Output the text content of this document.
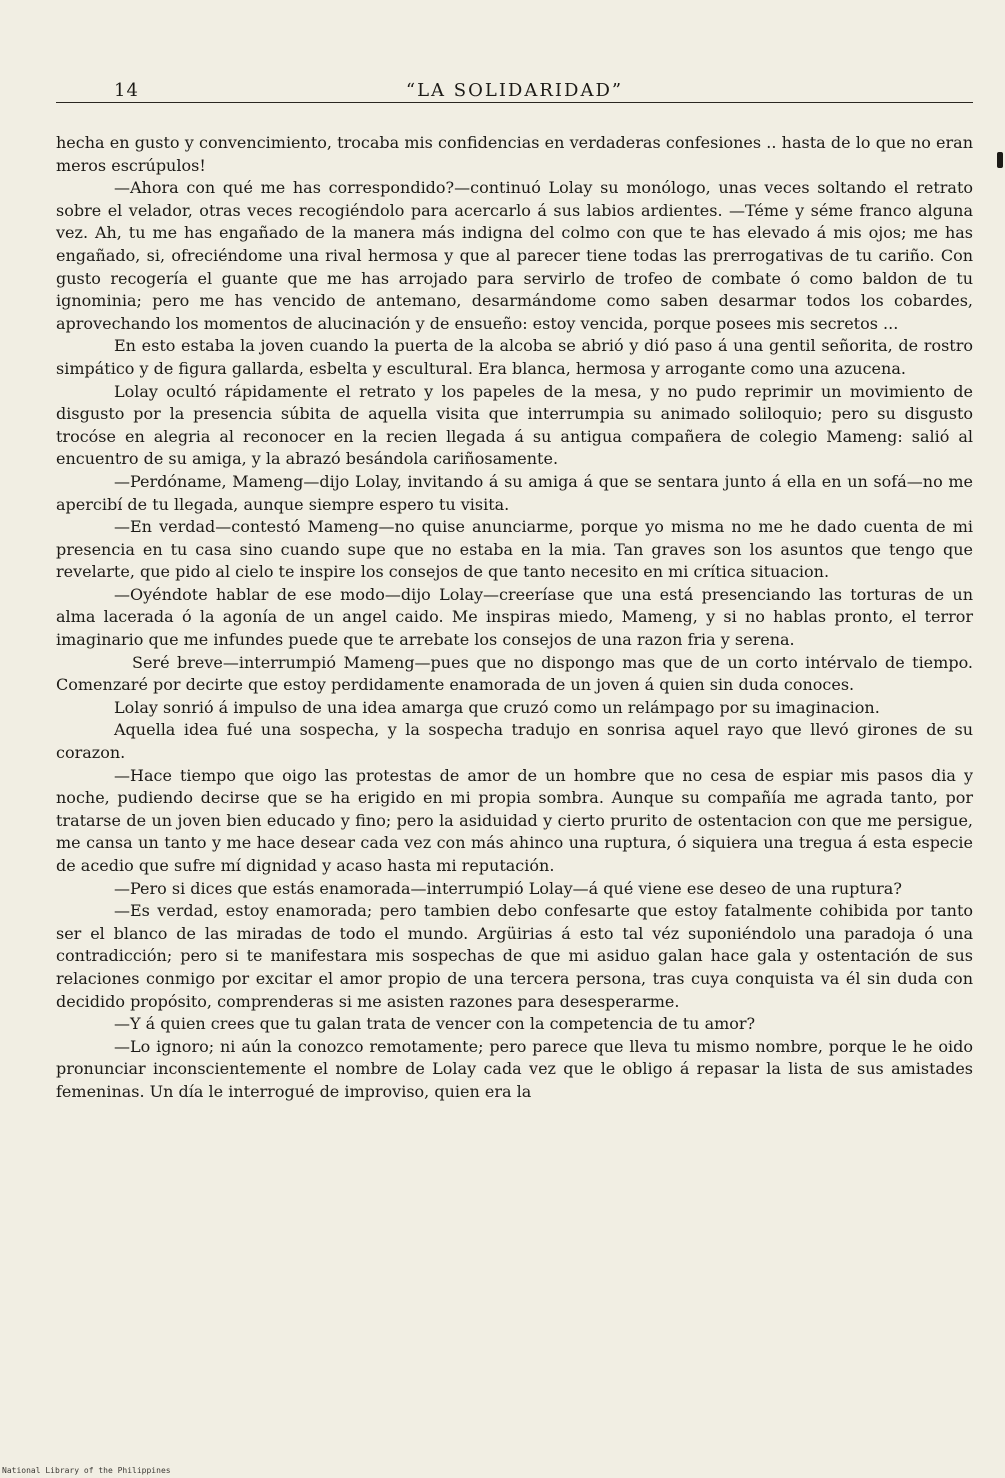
14	“LA SOLIDARIDAD”

hecha en gusto y convencimiento, trocaba mis confidencias en verdaderas confesiones .. hasta de lo que no eran meros escrúpulos!

—Ahora con qué me has correspondido?—continuó Lolay su monólogo, unas veces soltando el retrato sobre el velador, otras veces recogiéndolo para acercarlo á sus labios ardientes. —Téme y séme franco alguna vez. Ah, tu me has engañado de la manera más indigna del colmo con que te has elevado á mis ojos; me has engañado, si, ofreciéndome una rival hermosa y que al parecer tiene todas las prerrogativas de tu cariño. Con gusto recogería el guante que me has arrojado para servirlo de trofeo de combate ó como baldon de tu ignominia; pero me has vencido de antemano, desarmándome como saben desarmar todos los cobardes, aprovechando los momentos de alucinación y de ensueño: estoy vencida, porque posees mis secretos ...

En esto estaba la joven cuando la puerta de la alcoba se abrió y dió paso á una gentil señorita, de rostro simpático y de figura gallarda, esbelta y escultural. Era blanca, hermosa y arrogante como una azucena.

Lolay ocultó rápidamente el retrato y los papeles de la mesa, y no pudo reprimir un movimiento de disgusto por la presencia súbita de aquella visita que interrumpia su animado soliloquio; pero su disgusto trocóse en alegria al reconocer en la recien llegada á su antigua compañera de colegio Mameng: salió al encuentro de su amiga, y la abrazó besándola cariñosamente.

—Perdóname, Mameng—dijo Lolay, invitando á su amiga á que se sentara junto á ella en un sofá—no me apercibí de tu llegada, aunque siempre espero tu visita.

—En verdad—contestó Mameng—no quise anunciarme, porque yo misma no me he dado cuenta de mi presencia en tu casa sino cuando supe que no estaba en la mia. Tan graves son los asuntos que tengo que revelarte, que pido al cielo te inspire los consejos de que tanto necesito en mi crítica situacion.

—Oyéndote hablar de ese modo—dijo Lolay—creeríase que una está presenciando las torturas de un alma lacerada ó la agonía de un angel caido. Me inspiras miedo, Mameng, y si no hablas pronto, el terror imaginario que me infundes puede que te arrebate los consejos de una razon fria y serena.

Seré breve—interrumpió Mameng—pues que no dispongo mas que de un corto intérvalo de tiempo. Comenzaré por decirte que estoy perdidamente enamorada de un joven á quien sin duda conoces.

Lolay sonrió á impulso de una idea amarga que cruzó como un relámpago por su imaginacion.

Aquella idea fué una sospecha, y la sospecha tradujo en sonrisa aquel rayo que llevó girones de su corazon.

—Hace tiempo que oigo las protestas de amor de un hombre que no cesa de espiar mis pasos dia y noche, pudiendo decirse que se ha erigido en mi propia sombra. Aunque su compañía me agrada tanto, por tratarse de un joven bien educado y fino; pero la asiduidad y cierto prurito de ostentacion con que me persigue, me cansa un tanto y me hace desear cada vez con más ahinco una ruptura, ó siquiera una tregua á esta especie de acedio que sufre mí dignidad y acaso hasta mi reputación.

—Pero si dices que estás enamorada—interrumpió Lolay—á qué viene ese deseo de una ruptura?

—Es verdad, estoy enamorada; pero tambien debo confesarte que estoy fatalmente cohibida por tanto ser el blanco de las miradas de todo el mundo. Argüirias á esto tal véz suponiéndolo una paradoja ó una contradicción; pero si te manifestara mis sospechas de que mi asiduo galan hace gala y ostentación de sus relaciones conmigo por excitar el amor propio de una tercera persona, tras cuya conquista va él sin duda con decidido propósito, comprenderas si me asisten razones para desesperarme.

—Y á quien crees que tu galan trata de vencer con la competencia de tu amor?

—Lo ignoro; ni aún la conozco remotamente; pero parece que lleva tu mismo nombre, porque le he oido pronunciar inconscientemente el nombre de Lolay cada vez que le obligo á repasar la lista de sus amistades femeninas. Un día le interrogué de improviso, quien era la

National Library of the Philippines
